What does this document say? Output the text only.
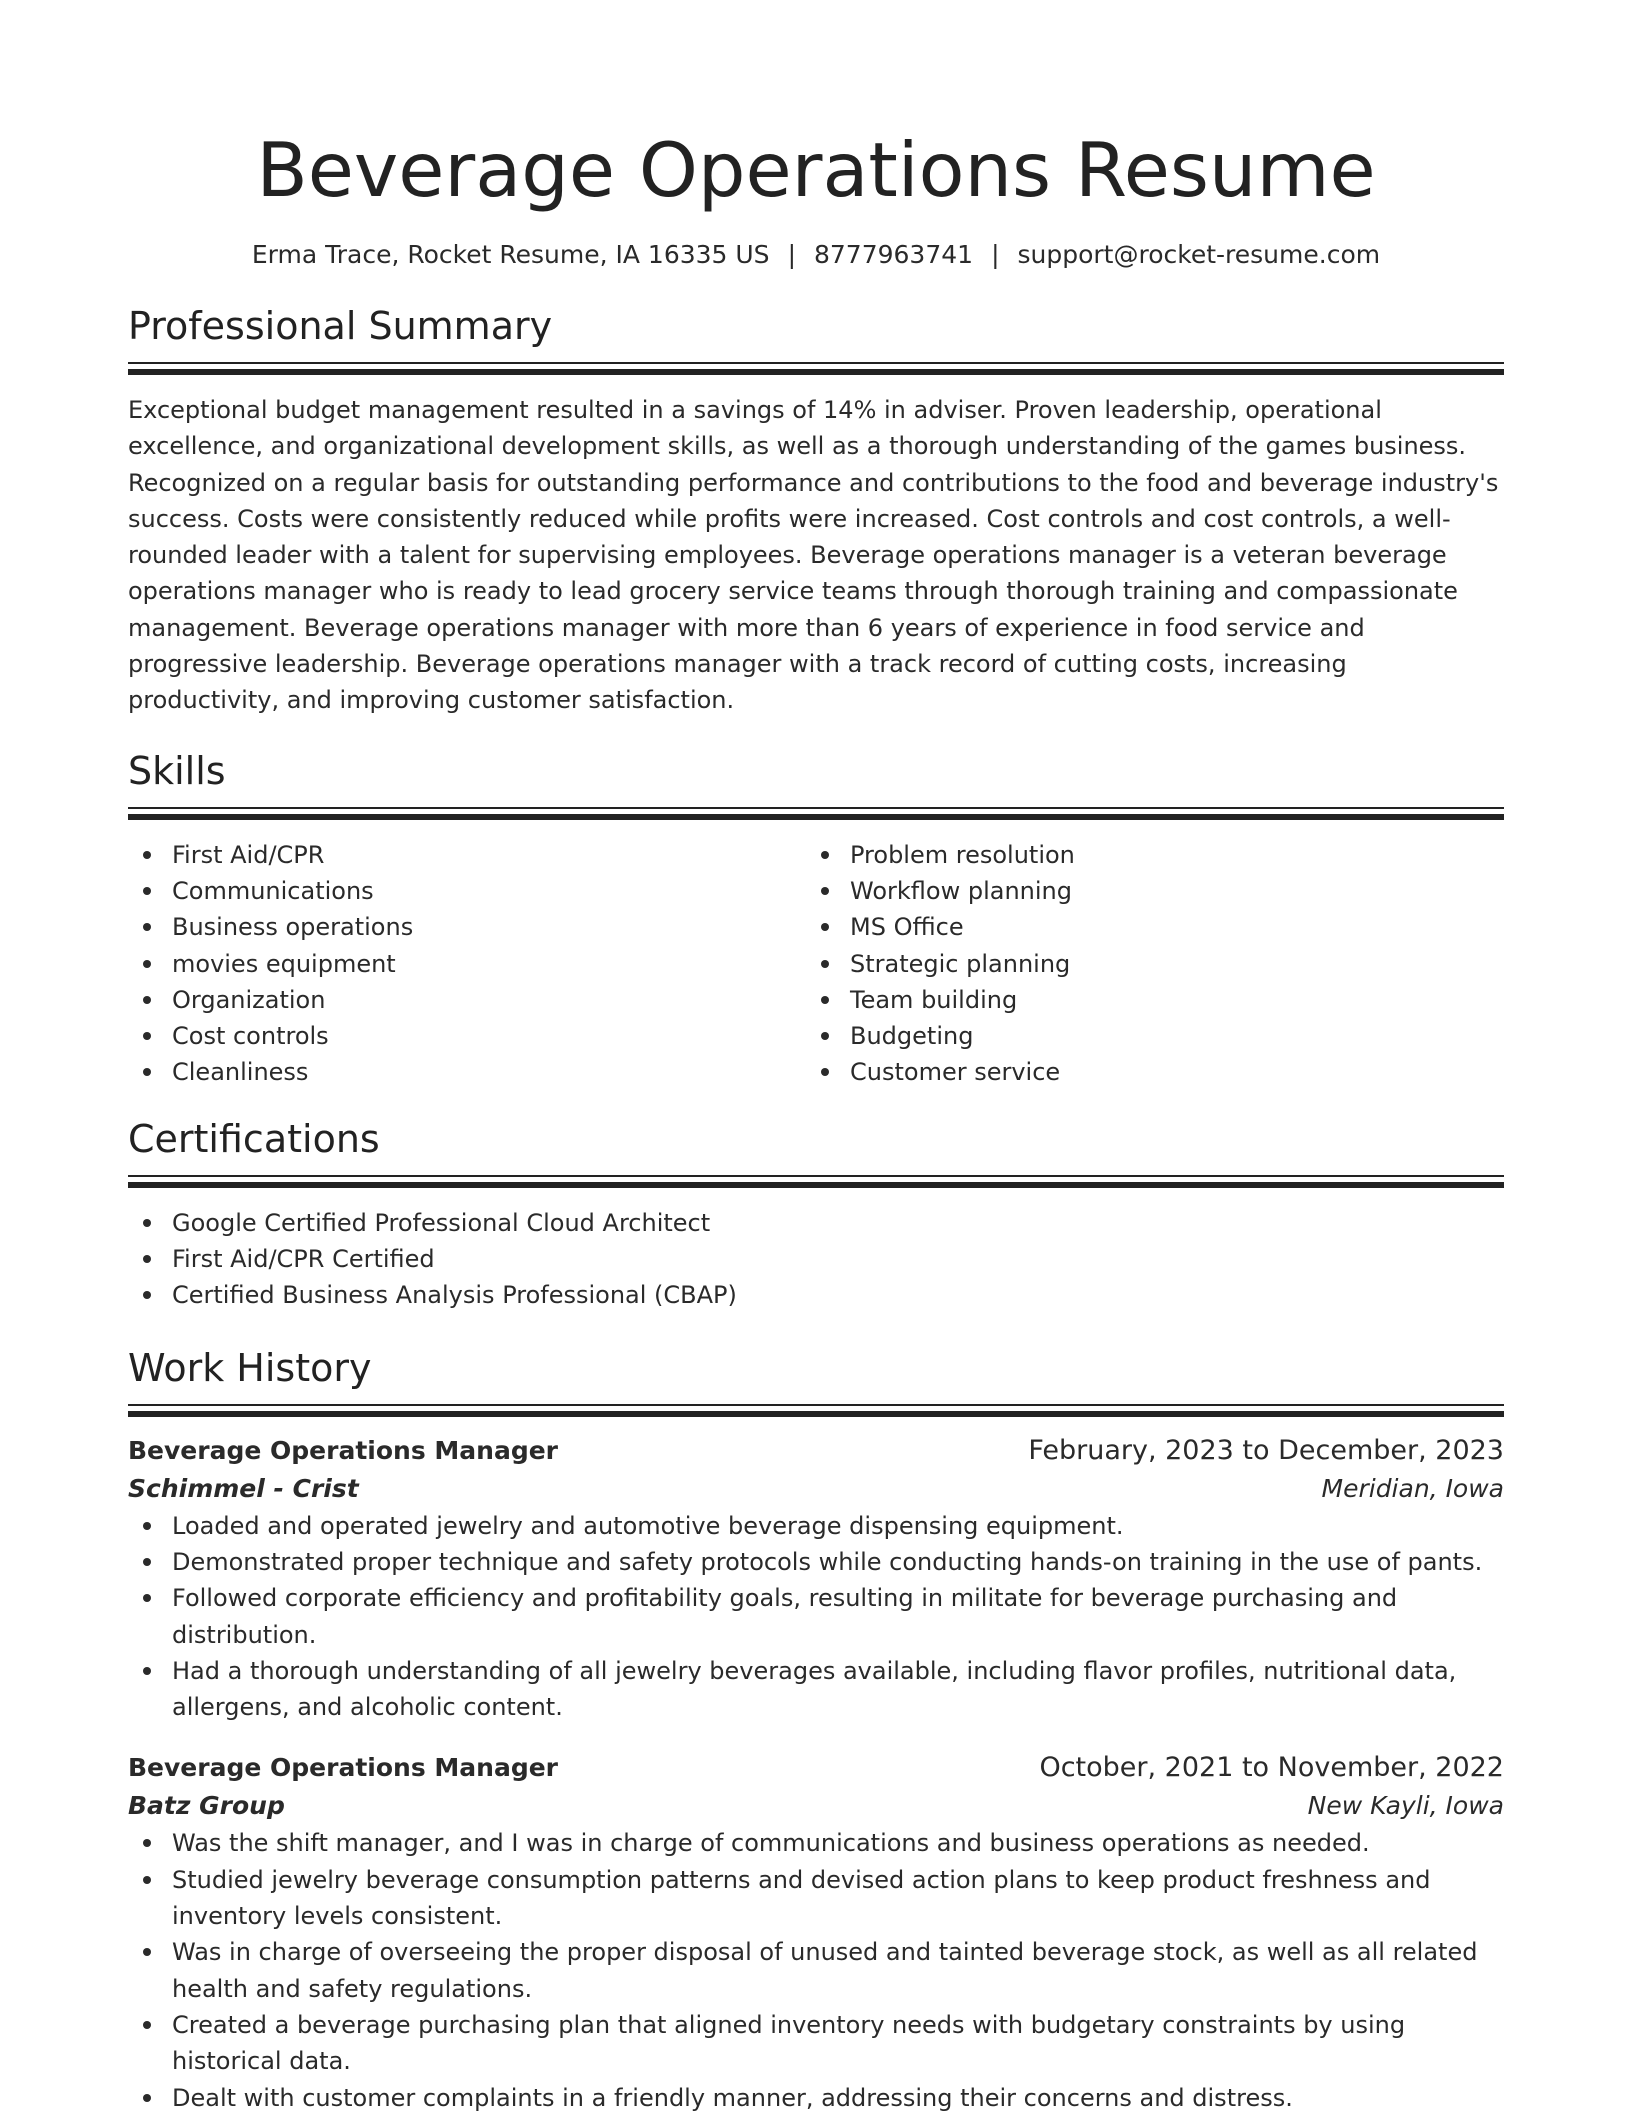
Beverage Operations Resume
Erma Trace, Rocket Resume, IA 16335 US | 8777963741 | support@rocket-resume.com
Professional Summary

Exceptional budget management resulted in a savings of 14% in adviser. Proven leadership, operational excellence, and organizational development skills, as well as a thorough understanding of the games business. Recognized on a regular basis for outstanding performance and contributions to the food and beverage industry's success. Costs were consistently reduced while profits were increased. Cost controls and cost controls, a well-rounded leader with a talent for supervising employees. Beverage operations manager is a veteran beverage operations manager who is ready to lead grocery service teams through thorough training and compassionate management. Beverage operations manager with more than 6 years of experience in food service and progressive leadership. Beverage operations manager with a track record of cutting costs, increasing productivity, and improving customer satisfaction.

Skills
First Aid/CPR
Communications
Business operations
movies equipment
Organization
Cost controls
Cleanliness
Problem resolution
Workflow planning
MS Office
Strategic planning
Team building
Budgeting
Customer service
Certifications
Google Certified Professional Cloud Architect
First Aid/CPR Certified
Certified Business Analysis Professional (CBAP)
Work History
Beverage Operations Manager	February, 2023 to December, 2023
Schimmel - Crist	Meridian, Iowa
Loaded and operated jewelry and automotive beverage dispensing equipment.
Demonstrated proper technique and safety protocols while conducting hands-on training in the use of pants.
Followed corporate efficiency and profitability goals, resulting in militate for beverage purchasing and distribution.
Had a thorough understanding of all jewelry beverages available, including flavor profiles, nutritional data, allergens, and alcoholic content.
Beverage Operations Manager	October, 2021 to November, 2022
Batz Group	New Kayli, Iowa
Was the shift manager, and I was in charge of communications and business operations as needed.
Studied jewelry beverage consumption patterns and devised action plans to keep product freshness and inventory levels consistent.
Was in charge of overseeing the proper disposal of unused and tainted beverage stock, as well as all related health and safety regulations.
Created a beverage purchasing plan that aligned inventory needs with budgetary constraints by using historical data.
Dealt with customer complaints in a friendly manner, addressing their concerns and distress.
